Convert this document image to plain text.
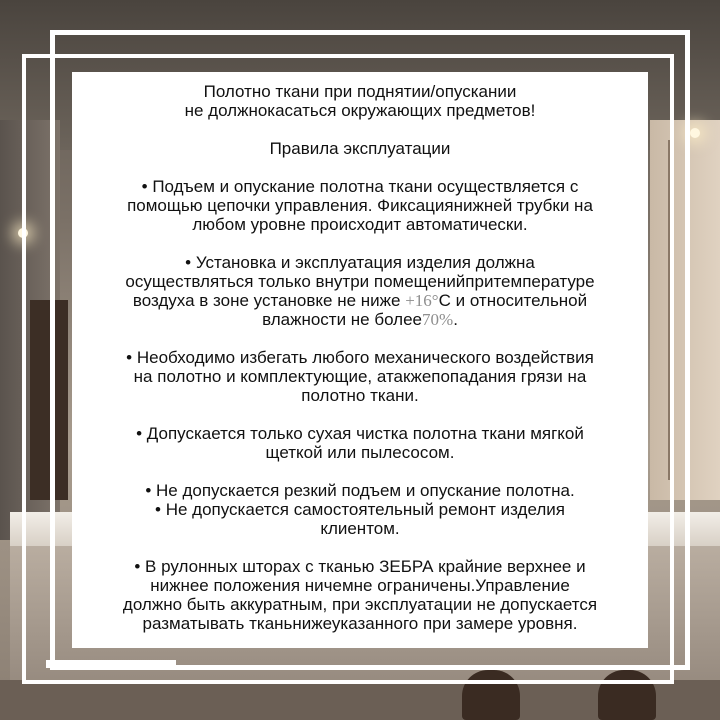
Полотно ткани при поднятии/опускании

не должнокасаться окружающих предметов!

Правила эксплуатации

• Подъем и опускание полотна ткани осуществляется с

помощью цепочки управления. Фиксациянижней трубки на

любом уровне происходит автоматически.

• Установка и эксплуатация изделия должна

осуществляться только внутри помещенийпритемпературе

воздуха в зоне установке не ниже +16°С и относительной

влажности не более70%.

• Необходимо избегать любого механического воздействия

на полотно и комплектующие, атакжепопадания грязи на

полотно ткани.

• Допускается только сухая чистка полотна ткани мягкой

щеткой или пылесосом.

• Не допускается резкий подъем и опускание полотна.

• Не допускается самостоятельный ремонт изделия

клиентом.

• В рулонных шторах с тканью ЗЕБРА крайние верхнее и

нижнее положения ничемне ограничены.Управление

должно быть аккуратным, при эксплуатации не допускается

разматывать тканьнижеуказанного при замере уровня.
